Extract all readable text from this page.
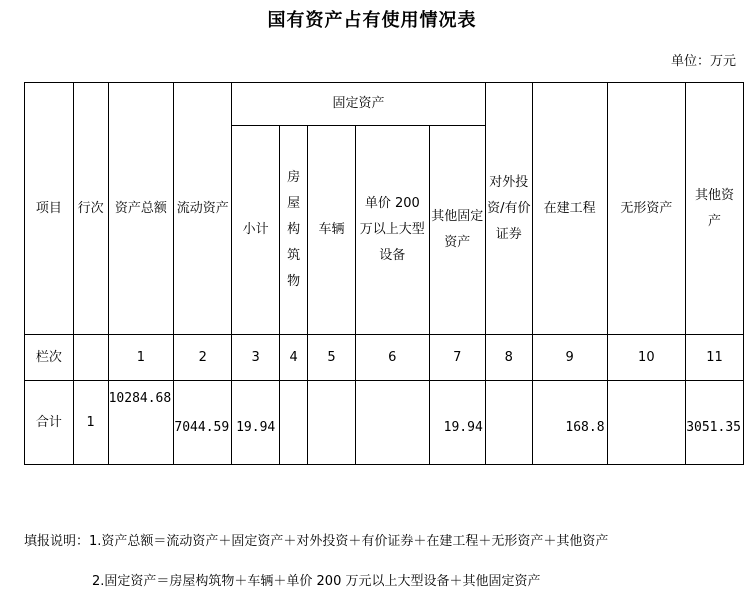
国有资产占有使用情况表
单位：万元
项目	行次	资产总额	流动资产	固定资产					对外投资/有价证券	在建工程	无形资产	其他资产

				小计	房屋构筑物	车辆	单价 200 万以上大型设备	其他固定资产				

栏次		1	2	3	4	5	6	7	8	9	10	11
合计	1	10284.68	7044.59	19.94				19.94		168.8		3051.35
填报说明：1.资产总额＝流动资产＋固定资产＋对外投资＋有价证券＋在建工程＋无形资产＋其他资产
2.固定资产＝房屋构筑物＋车辆＋单价 200 万元以上大型设备＋其他固定资产
